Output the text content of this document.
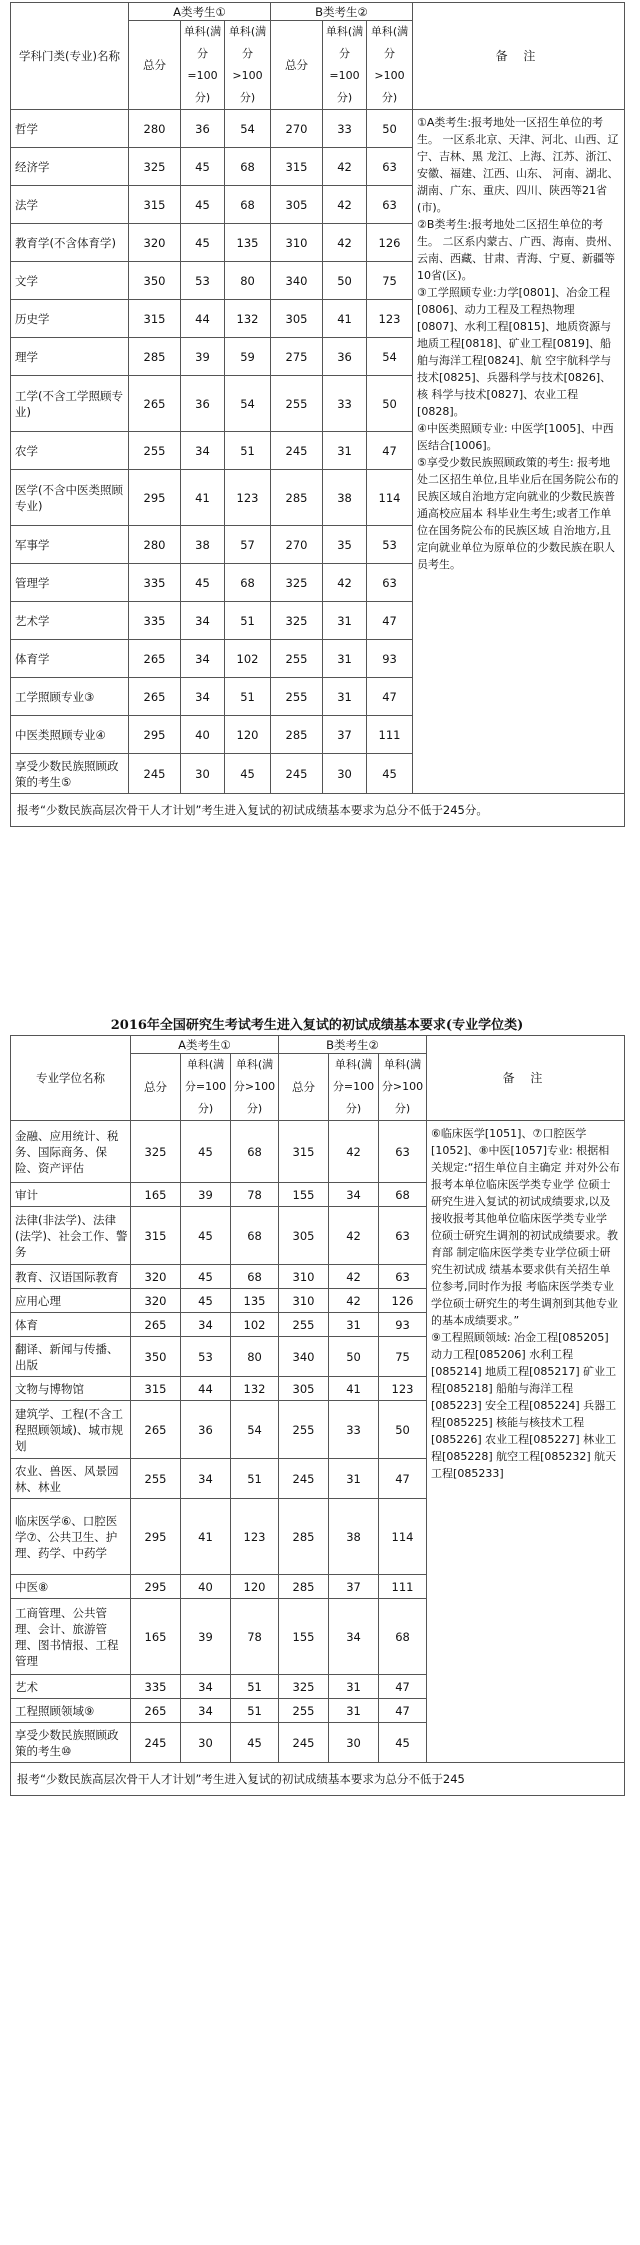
学科门类(专业)名称	A类考生①			B类考生②			备 注
	总分	单科(满分=100分)	单科(满分>100分)	总分	单科(满分=100分)	单科(满分>100分)	
哲学	280	36	54	270	33	50	①A类考生:报考地处一区招生单位的考生。 一区系北京、天津、河北、山西、辽宁、吉林、黑 龙江、上海、江苏、浙江、安徽、福建、江西、山东、 河南、湖北、湖南、广东、重庆、四川、陕西等21省(市)。

②B类考生:报考地处二区招生单位的考生。 二区系内蒙古、广西、海南、贵州、云南、西藏、甘肃、青海、宁夏、新疆等10省(区)。

③工学照顾专业:力学[0801]、冶金工程[0806]、动力工程及工程热物理[0807]、水利工程[0815]、地质资源与地质工程[0818]、矿业工程[0819]、船舶与海洋工程[0824]、航 空宇航科学与技术[0825]、兵器科学与技术[0826]、核 科学与技术[0827]、农业工程[0828]。

④中医类照顾专业: 中医学[1005]、中西医结合[1006]。

⑤享受少数民族照顾政策的考生: 报考地处二区招生单位,且毕业后在国务院公布的 民族区域自治地方定向就业的少数民族普通高校应届本 科毕业生考生;或者工作单位在国务院公布的民族区域 自治地方,且定向就业单位为原单位的少数民族在职人 员考生。

经济学	325	45	68	315	42	63	
法学	315	45	68	305	42	63	
教育学(不含体育学)	320	45	135	310	42	126	
文学	350	53	80	340	50	75	
历史学	315	44	132	305	41	123	
理学	285	39	59	275	36	54	
工学(不含工学照顾专业)	265	36	54	255	33	50	
农学	255	34	51	245	31	47	
医学(不含中医类照顾专业)	295	41	123	285	38	114	
军事学	280	38	57	270	35	53	
管理学	335	45	68	325	42	63	
艺术学	335	34	51	325	31	47	
体育学	265	34	102	255	31	93	
工学照顾专业③	265	34	51	255	31	47	
中医类照顾专业④	295	40	120	285	37	111	
享受少数民族照顾政策的考生⑤	245	30	45	245	30	45	
报考“少数民族高层次骨干人才计划”考生进入复试的初试成绩基本要求为总分不低于245分。							
2016年全国研究生考试考生进入复试的初试成绩基本要求(专业学位类)
专业学位名称	A类考生①			B类考生②			备 注
	总分	单科(满分=100分)	单科(满分>100分)	总分	单科(满分=100分)	单科(满分>100分)	
金融、应用统计、税务、国际商务、保险、资产评估	325	45	68	315	42	63	⑥临床医学[1051]、⑦口腔医学[1052]、⑧中医[1057]专业: 根据相关规定:“招生单位自主确定 并对外公布报考本单位临床医学类专业学 位硕士研究生进入复试的初试成绩要求,以及接收报考其他单位临床医学类专业学 位硕士研究生调剂的初试成绩要求。教育部 制定临床医学类专业学位硕士研究生初试成 绩基本要求供有关招生单位参考,同时作为报 考临床医学类专业学位硕士研究生的考生调剂到其他专业的基本成绩要求。”

⑨工程照顾领域: 冶金工程[085205] 动力工程[085206] 水利工程[085214] 地质工程[085217] 矿业工程[085218] 船舶与海洋工程[085223] 安全工程[085224] 兵器工程[085225] 核能与核技术工程[085226] 农业工程[085227] 林业工程[085228] 航空工程[085232] 航天工程[085233]

审计	165	39	78	155	34	68	
法律(非法学)、法律(法学)、社会工作、警务	315	45	68	305	42	63	
教育、汉语国际教育	320	45	68	310	42	63	
应用心理	320	45	135	310	42	126	
体育	265	34	102	255	31	93	
翻译、新闻与传播、出版	350	53	80	340	50	75	
文物与博物馆	315	44	132	305	41	123	
建筑学、工程(不含工程照顾领域)、城市规划	265	36	54	255	33	50	
农业、兽医、风景园林、林业	255	34	51	245	31	47	
临床医学⑥、口腔医学⑦、公共卫生、护理、药学、中药学	295	41	123	285	38	114	
中医⑧	295	40	120	285	37	111	
工商管理、公共管理、会计、旅游管理、图书情报、工程管理	165	39	78	155	34	68	
艺术	335	34	51	325	31	47	
工程照顾领域⑨	265	34	51	255	31	47	
享受少数民族照顾政策的考生⑩	245	30	45	245	30	45	
报考“少数民族高层次骨干人才计划”考生进入复试的初试成绩基本要求为总分不低于245							
